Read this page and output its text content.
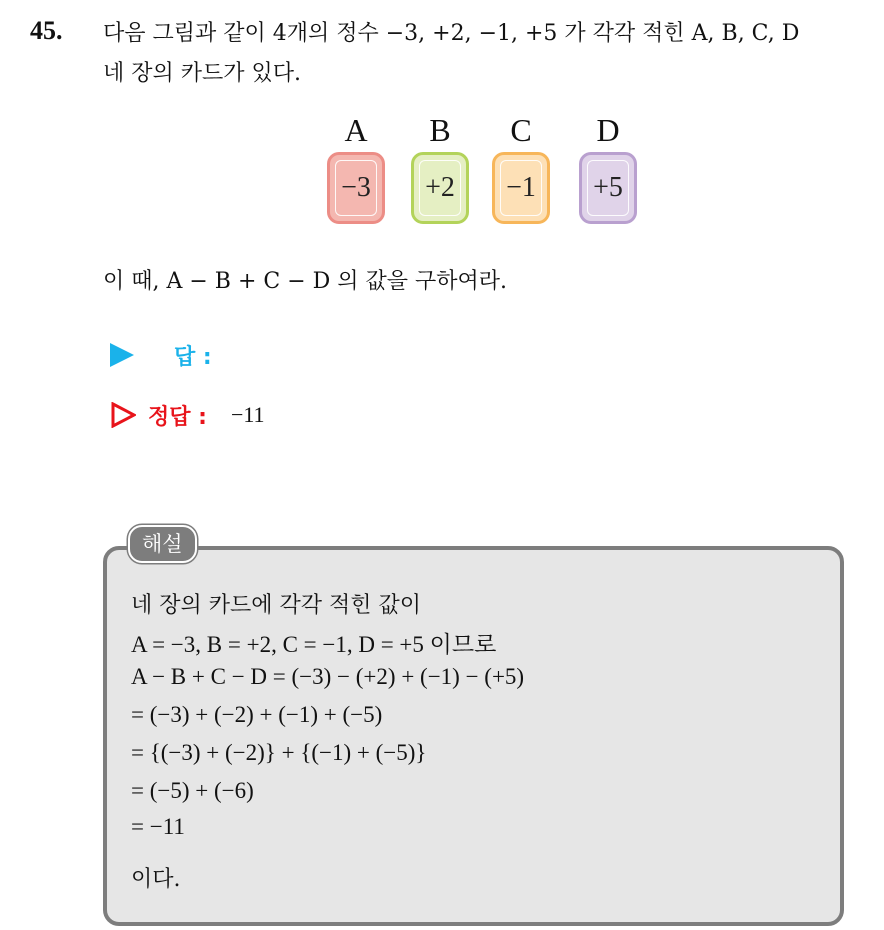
45. 다음 그림과 같이 4개의 정수 −3, +2, −1, +5 가 각각 적힌 A, B, C, D
네 장의 카드가 있다.
A
−3
B
+2
C
−1
D
+5
이 때, A − B + C − D 의 값을 구하여라.
답 :
정답 : −11
해설
네 장의 카드에 각각 적힌 값이
A = −3, B = +2, C = −1, D = +5 이므로
A − B + C − D = (−3) − (+2) + (−1) − (+5)
= (−3) + (−2) + (−1) + (−5)
= {(−3) + (−2)} + {(−1) + (−5)}
= (−5) + (−6)
= −11
이다.
